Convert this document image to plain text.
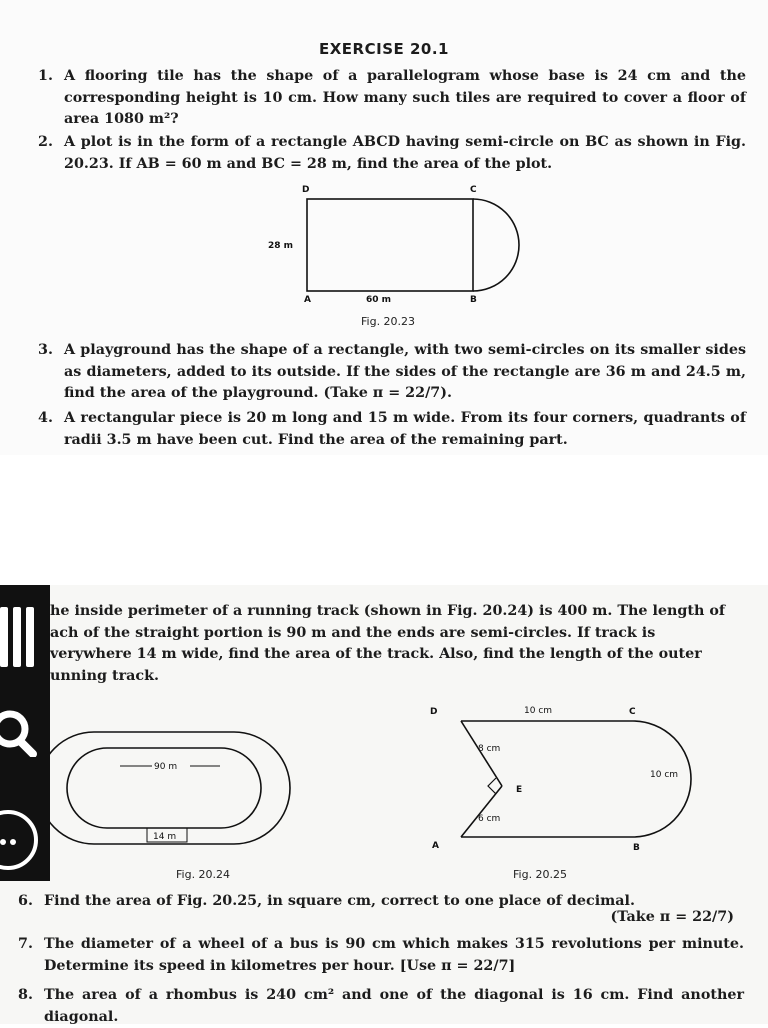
EXERCISE 20.1
1. A flooring tile has the shape of a parallelogram whose base is 24 cm and the corresponding height is 10 cm. How many such tiles are required to cover a floor of area 1080 m²?

2. A plot is in the form of a rectangle ABCD having semi-circle on BC as shown in Fig. 20.23. If AB = 60 m and BC = 28 m, find the area of the plot.

D	C
A	B
28 m
60 m
Fig. 20.23
3. A playground has the shape of a rectangle, with two semi-circles on its smaller sides as diameters, added to its outside. If the sides of the rectangle are 36 m and 24.5 m, find the area of the playground. (Take π = 22/7).

4. A rectangular piece is 20 m long and 15 m wide. From its four corners, quadrants of radii 3.5 m have been cut. Find the area of the remaining part.

he inside perimeter of a running track (shown in Fig. 20.24) is 400 m. The length of ach of the straight portion is 90 m and the ends are semi-circles. If track is verywhere 14 m wide, find the area of the track. Also, find the length of the outer unning track.

90 m
14 m
Fig. 20.24
D	C
A	B
E
10 cm
10 cm
8 cm
6 cm
Fig. 20.25
6. Find the area of Fig. 20.25, in square cm, correct to one place of decimal.

(Take π = 22/7)
7. The diameter of a wheel of a bus is 90 cm which makes 315 revolutions per minute. Determine its speed in kilometres per hour. [Use π = 22/7]

8. The area of a rhombus is 240 cm² and one of the diagonal is 16 cm. Find another diagonal.
